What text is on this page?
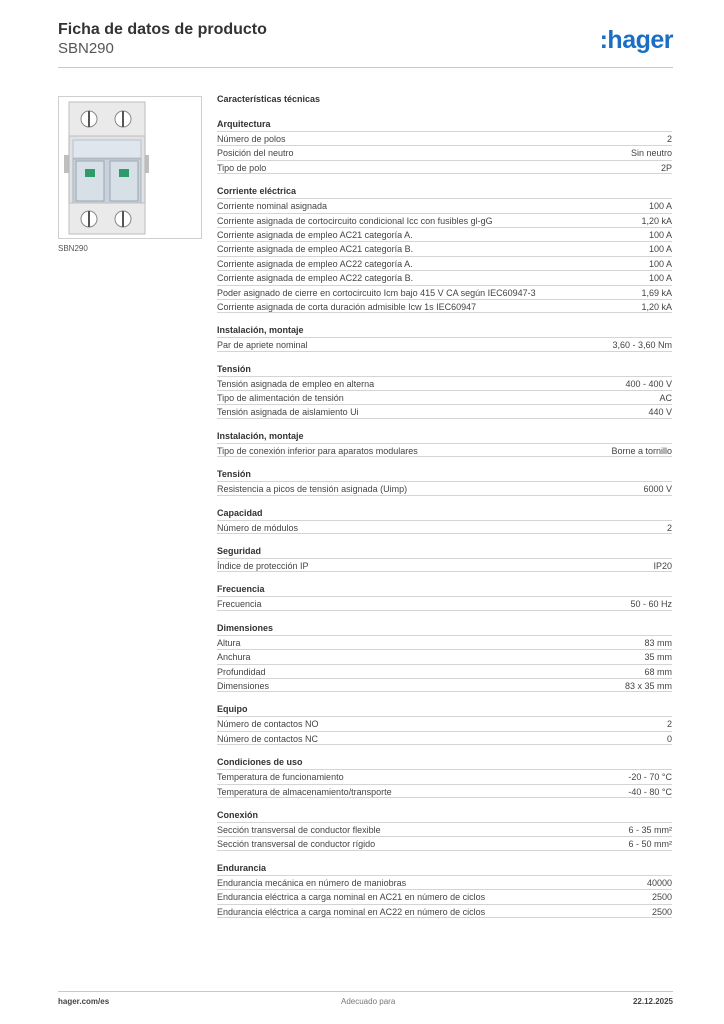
Ficha de datos de producto
SBN290	:hager
SBN290
Características técnicas
Arquitectura
Número de polos	2
Posición del neutro	Sin neutro
Tipo de polo	2P
Corriente eléctrica
Corriente nominal asignada	100 A
Corriente asignada de cortocircuito condicional Icc con fusibles gl-gG	1,20 kA
Corriente asignada de empleo AC21 categoría A.	100 A
Corriente asignada de empleo AC21 categoría B.	100 A
Corriente asignada de empleo AC22 categoría A.	100 A
Corriente asignada de empleo AC22 categoría B.	100 A
Poder asignado de cierre en cortocircuito Icm bajo 415 V CA según IEC60947-3	1,69 kA
Corriente asignada de corta duración admisible Icw 1s IEC60947	1,20 kA
Instalación, montaje
Par de apriete nominal	3,60 - 3,60 Nm
Tensión
Tensión asignada de empleo en alterna	400 - 400 V
Tipo de alimentación de tensión	AC
Tensión asignada de aislamiento Ui	440 V
Instalación, montaje
Tipo de conexión inferior para aparatos modulares	Borne a tornillo
Tensión
Resistencia a picos de tensión asignada (Uimp)	6000 V
Capacidad
Número de módulos	2
Seguridad
Índice de protección IP	IP20
Frecuencia
Frecuencia	50 - 60 Hz
Dimensiones
Altura	83 mm
Anchura	35 mm
Profundidad	68 mm
Dimensiones	83 x 35 mm
Equipo
Número de contactos NO	2
Número de contactos NC	0
Condiciones de uso
Temperatura de funcionamiento	-20 - 70 °C
Temperatura de almacenamiento/transporte	-40 - 80 °C
Conexión
Sección transversal de conductor flexible	6 - 35 mm²
Sección transversal de conductor rígido	6 - 50 mm²
Endurancia
Endurancia mecánica en número de maniobras	40000
Endurancia eléctrica a carga nominal en AC21 en número de ciclos	2500
Endurancia eléctrica a carga nominal en AC22 en número de ciclos	2500
hager.com/es	Adecuado para	22.12.2025
